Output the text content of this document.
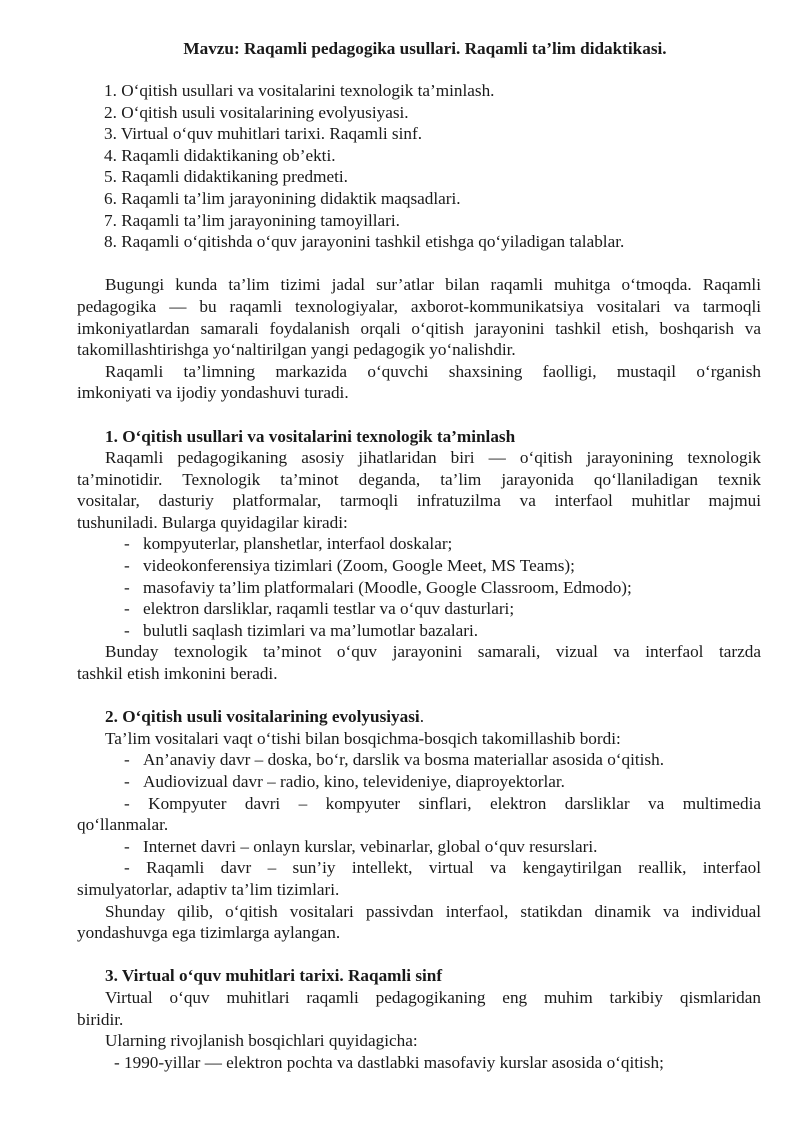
Mavzu: Raqamli pedagogika usullari. Raqamli ta’lim didaktikasi.
1. O‘qitish usullari va vositalarini texnologik ta’minlash.
2. O‘qitish usuli vositalarining evolyusiyasi.
3. Virtual o‘quv muhitlari tarixi. Raqamli sinf.
4. Raqamli didaktikaning ob’ekti.
5. Raqamli didaktikaning predmeti.
6. Raqamli ta’lim jarayonining didaktik maqsadlari.
7. Raqamli ta’lim jarayonining tamoyillari.
8. Raqamli o‘qitishda o‘quv jarayonini tashkil etishga qo‘yiladigan talablar.
Bugungi kunda ta’lim tizimi jadal sur’atlar bilan raqamli muhitga o‘tmoqda. Raqamli
pedagogika — bu raqamli texnologiyalar, axborot-kommunikatsiya vositalari va tarmoqli
imkoniyatlardan samarali foydalanish orqali o‘qitish jarayonini tashkil etish, boshqarish va
takomillashtirishga yo‘naltirilgan yangi pedagogik yo‘nalishdir.
Raqamli ta’limning markazida o‘quvchi shaxsining faolligi, mustaqil o‘rganish
imkoniyati va ijodiy yondashuvi turadi.
1. O‘qitish usullari va vositalarini texnologik ta’minlash
Raqamli pedagogikaning asosiy jihatlaridan biri — o‘qitish jarayonining texnologik
ta’minotidir. Texnologik ta’minot deganda, ta’lim jarayonida qo‘llaniladigan texnik
vositalar, dasturiy platformalar, tarmoqli infratuzilma va interfaol muhitlar majmui
tushuniladi. Bularga quyidagilar kiradi:
- kompyuterlar, planshetlar, interfaol doskalar;
- videokonferensiya tizimlari (Zoom, Google Meet, MS Teams);
- masofaviy ta’lim platformalari (Moodle, Google Classroom, Edmodo);
- elektron darsliklar, raqamli testlar va o‘quv dasturlari;
- bulutli saqlash tizimlari va ma’lumotlar bazalari.
Bunday texnologik ta’minot o‘quv jarayonini samarali, vizual va interfaol tarzda
tashkil etish imkonini beradi.
2. O‘qitish usuli vositalarining evolyusiyasi.
Ta’lim vositalari vaqt o‘tishi bilan bosqichma-bosqich takomillashib bordi:
- An’anaviy davr – doska, bo‘r, darslik va bosma materiallar asosida o‘qitish.
- Audiovizual davr – radio, kino, televideniye, diaproyektorlar.
- Kompyuter davri – kompyuter sinflari, elektron darsliklar va multimedia
qo‘llanmalar.
- Internet davri – onlayn kurslar, vebinarlar, global o‘quv resurslari.
- Raqamli davr – sun’iy intellekt, virtual va kengaytirilgan reallik, interfaol
simulyatorlar, adaptiv ta’lim tizimlari.
Shunday qilib, o‘qitish vositalari passivdan interfaol, statikdan dinamik va individual
yondashuvga ega tizimlarga aylangan.
3. Virtual o‘quv muhitlari tarixi. Raqamli sinf
Virtual o‘quv muhitlari raqamli pedagogikaning eng muhim tarkibiy qismlaridan
biridir.
Ularning rivojlanish bosqichlari quyidagicha:
- 1990-yillar — elektron pochta va dastlabki masofaviy kurslar asosida o‘qitish;
